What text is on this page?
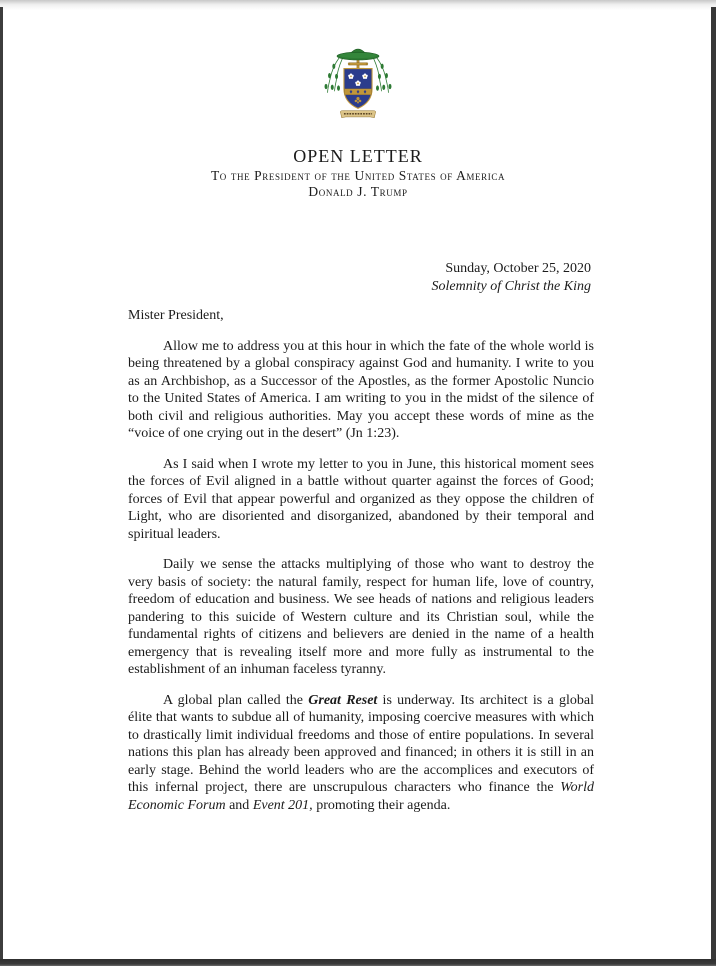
OPEN LETTER

To the President of the United States of America

Donald J. Trump

Sunday, October 25, 2020
Solemnity of Christ the King

Mister President,

Allow me to address you at this hour in which the fate of the whole world is being threatened by a global conspiracy against God and humanity. I write to you as an Archbishop, as a Successor of the Apostles, as the former Apostolic Nuncio to the United States of America. I am writing to you in the midst of the silence of both civil and religious authorities. May you accept these words of mine as the “voice of one crying out in the desert” (Jn 1:23).

As I said when I wrote my letter to you in June, this historical moment sees the forces of Evil aligned in a battle without quarter against the forces of Good; forces of Evil that appear powerful and organized as they oppose the children of Light, who are disoriented and disorganized, abandoned by their temporal and spiritual leaders.

Daily we sense the attacks multiplying of those who want to destroy the very basis of society: the natural family, respect for human life, love of country, freedom of education and business. We see heads of nations and religious leaders pandering to this suicide of Western culture and its Christian soul, while the fundamental rights of citizens and believers are denied in the name of a health emergency that is revealing itself more and more fully as instrumental to the establishment of an inhuman faceless tyranny.

A global plan called the Great Reset is underway. Its architect is a global élite that wants to subdue all of humanity, imposing coercive measures with which to drastically limit individual freedoms and those of entire populations. In several nations this plan has already been approved and financed; in others it is still in an early stage. Behind the world leaders who are the accomplices and executors of this infernal project, there are unscrupulous characters who finance the World Economic Forum and Event 201, promoting their agenda.
